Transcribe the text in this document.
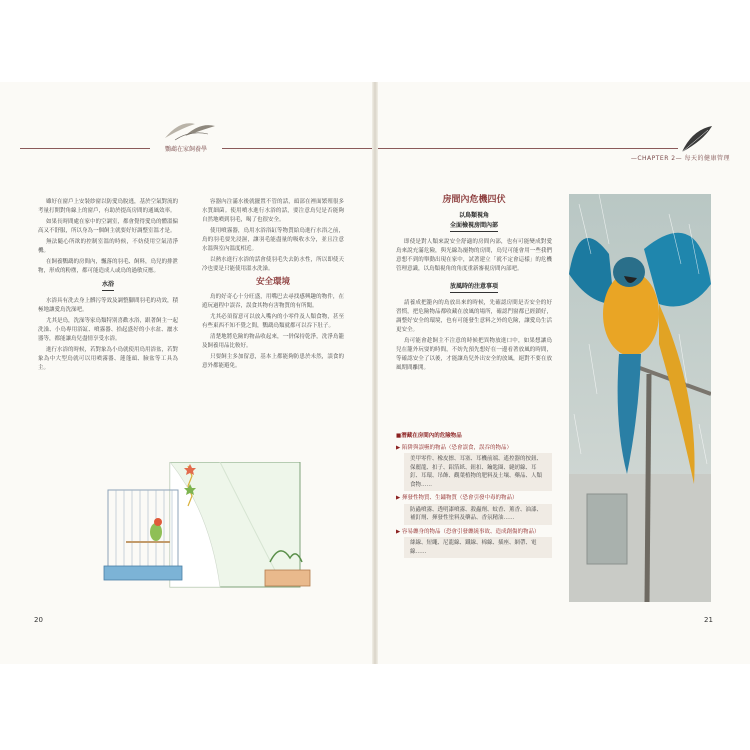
鸚鵡在家飼養學
—CHAPTER 2— 每天的健康管理

雖好在窗戶上安裝紗窗以防愛鳥脫逃，基於空氣對流的考量打開對角線上的窗戶，有助於提高房間的通風效率。

如果長時間處在家中的空調室，都會覺得愛鳥的體溫偏高又不舒服，所以身為一個飼主就要好好調整室溫才是。

無法隨心所欲的控制室溫的時候，不妨使用空氣清淨機。

在飼養鸚鵡的房間內，飄落的羽毛、飼料，鳥兒的排泄物，形成的粉塵，都可能造成人或鳥的過敏反應。

水浴

水浴具有洗去身上髒污等效及調整腳間羽毛的功效，積極地讓愛鳥洗澡吧。

尤其是鳥，洗澡等家鳥類特別喜歡水浴，跟著飼主一起洗澡、小鳥專用浴缸、噴霧器、拾起盛好的小水盆、灑水器等，都能讓鳥兒盡情享受水浴。

進行水浴的時候，若對象為小鳥就使用鳥用浴盆，若對象為中大型鳥就可以用噴霧器、蓮蓬頭、臉盆等工具為主。

容器內注滿水後就擺置不管的話，頭部在裡面繁殖很多水質細菌。使用噴水進行水浴的話，要注意鳥兒是否能夠自然地噴到羽毛，喝了也很安全。

使用噴霧器，鳥用水浴浴缸等物質給鳥進行水浴之前，鳥的羽毛要先浸濕，讓羽毛能盡量的吸收水分，並且注意水溫與室內溫度相近。

以熱水進行水浴的話會使羽毛失去防水性，所以即使天冷也要是只能使用溫水洗澡。

安全環境

鳥的好奇心十分旺盛，用嘴巴去尋找感興趣的物件，在遊玩過程中誤吞，誤食其物有害物質的有所聞。

尤其必須留意可以放入嘴內的小零件及人類食物，甚至有些東西不知不覺之間，鸚鵡鳥類就都可以吞下肚子。

清楚地將危險的物品收起來，一併保持乾淨，洗淨鳥籠及飼養用品比較好。

只要飼主多加留意，基本上都能夠防患於未然，誤食的意外都能避免。

20
房間內危機四伏
以鳥類視角
全面檢視房間內部

即使是對人類來說安全舒適的房間內部，也有可能變成對愛鳥來說充滿危險，與光線為寵物的房間，鳥兒可能會用一些我們意想不到的舉動出現在家中，試著建立「就不定會這樣」的危機管理意識，以鳥類視角的角度重新審視房間內部吧。

放風時的注意事項

請養成把籠內的鳥放出來的時候，先確認房間是否安全的好習慣，把危險物品都收藏在放風的場所，確認門窗都已經鎖好，調整好安全的環境，也有可能發生意料之外的危險，讓愛鳥生活更安全。

鳥可能會趁飼主不注意的時候把異物放進口中，如果想讓鳥兒在籠外玩耍的時間，不妨先預先想好在一邊看著放風的時間，等確認安全了以後，才能讓鳥兒外出安全的放風，絕對不要在放風期間離開。

■潛藏在房間內的危險物品
▶ 陷阱與誤嚥的物品（恐會誤食，誤吞的物品）
美甲零件、橡皮擦、耳塞、耳機前端、遙控器的按鈕、保麗龍、扣子、鋁箔紙、鈕扣、鑰匙圈、縫紉線、耳釘、耳環、吊飾、觀葉植物的肥料及土壤、藥品、人類食物……
▶ 揮發性物質、生鏽物質（恐會引發中毒的物品）
防蟲噴霧、透明漆噴霧、殺蟲劑、蚊香、薰香、油漆、補釘劑、揮發性塗料及藥品、香氛精油……
▶ 容易纏身的物品（恐會引發纏繞事故、造成創傷的物品）
絲線、短繩、尼龍線、鐵線、棉線、插座、網帶、電線……
21
